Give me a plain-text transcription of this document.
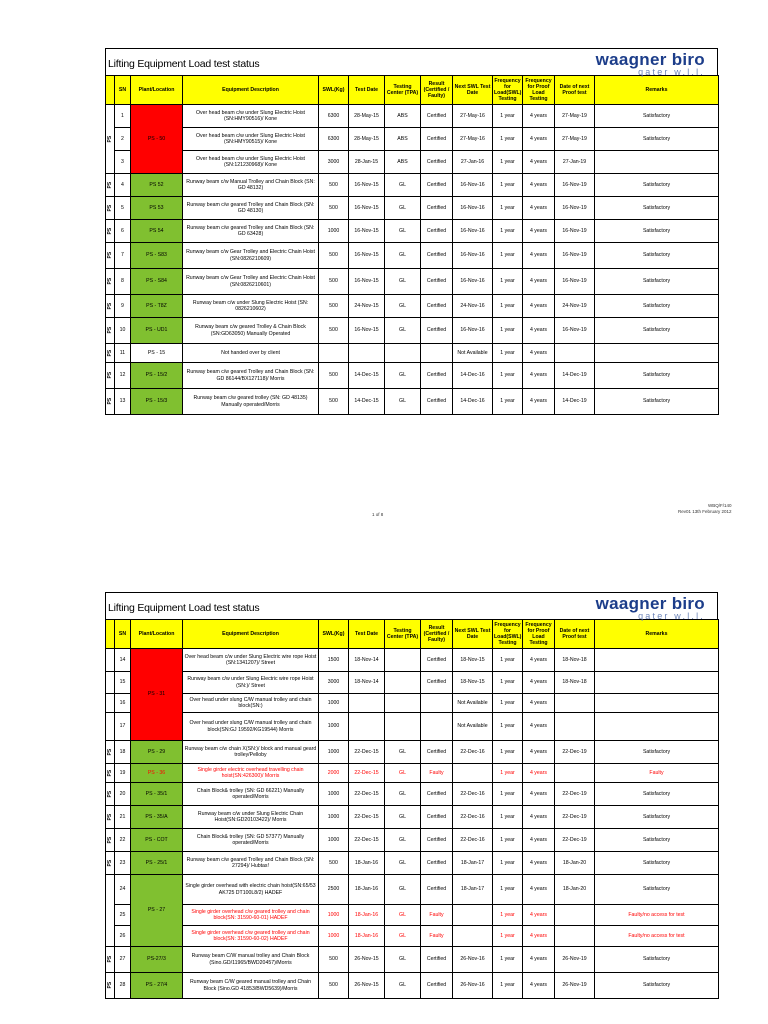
Lifting Equipment Load test status	waagner biro
qater w.l.l.
	SN	Plant/Location	Equipment Description	SWL(Kg)	Test Date	Testing Center (TPA)	Result (Certified / Faulty)	Next SWL Test Date	Frequency for Load(SWL) Testing	Frequency for Proof Load Testing	Date of next Proof test	Remarks
PS	1	PS - 50	Over head beam c/w under Slung Electric Hoist (SN:HMY90516)/ Kone	6300	28-May-15	ABS	Certified	27-May-16	1 year	4 years	27-May-19	Satisfactory
	2		Over head beam c/w under Slung Electric Hoist (SN:HMY90515)/ Kone	6300	28-May-15	ABS	Certified	27-May-16	1 year	4 years	27-May-19	Satisfactory
	3		Over head beam c/w under Slung Electric Hoist (SN:121230968)/ Kone	3000	28-Jan-15	ABS	Certified	27-Jan-16	1 year	4 years	27-Jan-19	
PS	4	PS 52	Runway beam c/w Manual Trolley and Chain Block (SN: GD 48132)	500	16-Nov-15	GL	Certified	16-Nov-16	1 year	4 years	16-Nov-19	Satisfactory
PS	5	PS 53	Runway beam c/w geared Trolley and Chain Block (SN: GD 48130)	500	16-Nov-15	GL	Certified	16-Nov-16	1 year	4 years	16-Nov-19	Satisfactory
PS	6	PS 54	Runway beam c/w geared Trolley and Chain Block (SN: GD 63428)	1000	16-Nov-15	GL	Certified	16-Nov-16	1 year	4 years	16-Nov-19	Satisfactory
PS	7	PS - S83	Runway beam c/w Gear Trolley and Electric Chain Hoist (SN:0826210609)	500	16-Nov-15	GL	Certified	16-Nov-16	1 year	4 years	16-Nov-19	Satisfactory
PS	8	PS - S84	Runway beam c/w Gear Trolley and Electric Chain Hoist (SN:0826210601)	500	16-Nov-15	GL	Certified	16-Nov-16	1 year	4 years	16-Nov-19	Satisfactory
PS	9	PS - T8Z	Runway beam c/w under Slung Electric Hoist (SN: 0826210602)	500	24-Nov-15	GL	Certified	24-Nov-16	1 year	4 years	24-Nov-19	Satisfactory
PS	10	PS - UD1	Runway beam c/w geared Trolley & Chain Block (SN:GD63050) Manually Operated	500	16-Nov-15	GL	Certified	16-Nov-16	1 year	4 years	16-Nov-19	Satisfactory
PS	11	PS - 15	Not handed over by client					Not Available	1 year	4 years		
PS	12	PS - 15/2	Runway beam c/w geared Trolley and Chain Block (SN: GD 86144/BX127118)/ Morris	500	14-Dec-15	GL	Certified	14-Dec-16	1 year	4 years	14-Dec-19	Satisfactory
PS	13	PS - 15/3	Runway beam c/w geared trolley (SN: GD 48135) Manually operated/Morris	500	14-Dec-15	GL	Certified	14-Dec-16	1 year	4 years	14-Dec-19	Satisfactory
1 of 8
WBQ/F/140
Rev01 13th February 2012
Lifting Equipment Load test status	waagner biro
qater w.l.l.
	SN	Plant/Location	Equipment Description	SWL(Kg)	Test Date	Testing Center (TPA)	Result (Certified / Faulty)	Next SWL Test Date	Frequency for Load(SWL) Testing	Frequency for Proof Load Testing	Date of next Proof test	Remarks
	14	PS - 31	Over head beam c/w under Slung Electric wire rope Hoist (SN:1341207)/ Street	1500	18-Nov-14		Certified	18-Nov-15	1 year	4 years	18-Nov-18	
	15		Runway beam c/w under Slung Electric wire rope Hoist (SN:)/ Street	3000	18-Nov-14		Certified	18-Nov-15	1 year	4 years	18-Nov-18	
	16		Over head under slung C/W manual trolley and chain block(SN:)	1000				Not Available	1 year	4 years		
	17		Over head under slung C/W manual trolley and chain block(SN:GJ 19592/KG19544) Morris	1000				Not Available	1 year	4 years		
PS	18	PS - 29	Runway beam c/w chain X(SN:)/ block and manual geard trolley/Pelloby	1000	22-Dec-15	GL	Certified	22-Dec-16	1 year	4 years	22-Dec-19	Satisfactory
PS	19	PS - 36	Single girder electric overhead travelling chain hoist(SN:426300)/ Morris	2000	22-Dec-15	GL	Faulty		1 year	4 years		Faulty
PS	20	PS - 35/1	Chain Block& trolley (SN: GD 66221) Manually operated/Morris	1000	22-Dec-15	GL	Certified	22-Dec-16	1 year	4 years	22-Dec-19	Satisfactory
PS	21	PS - 35/A	Runway beam c/w under Slung Electric Chain Hoist(SN:GD20103422)/ Morris	1000	22-Dec-15	GL	Certified	22-Dec-16	1 year	4 years	22-Dec-19	Satisfactory
PS	22	PS - COT	Chain Block& trolley (SN: GD 57377) Manually operated/Morris	1000	22-Dec-15	GL	Certified	22-Dec-16	1 year	4 years	22-Dec-19	Satisfactory
PS	23	PS - 25/1	Runway beam c/w geared Trolley and Chain Block (SN: 27294)/ Hubtas!	500	18-Jan-16	GL	Certified	18-Jan-17	1 year	4 years	18-Jan-20	Satisfactory
	24	PS - 27	Single girder overhead with electric chain hoist(SN:65/53 AK725 DT100L8/2) HADEF	2500	18-Jan-16	GL	Certified	18-Jan-17	1 year	4 years	18-Jan-20	Satisfactory
	25		Single girder overhead c/w geared trolley and chain block(SN: 31590-60-01) HADEF	1000	18-Jan-16	GL	Faulty		1 year	4 years		Faulty/no access for test
	26		Single girder overhead c/w geared trolley and chain block(SN: 31590-60-02) HADEF	1000	18-Jan-16	GL	Faulty		1 year	4 years		Faulty/no access for test
PS	27	PS-27/3	Runway beam C/W manual trolley and Chain Block (Sino.GD/11965/BWD20457)/Morris	500	26-Nov-15	GL	Certified	26-Nov-16	1 year	4 years	26-Nov-19	Satisfactory
PS	28	PS - 27/4	Runway beam C/W geared manual trolley and Chain Block (Sino.GD 41853/BWD5639)/Morris	500	26-Nov-15	GL	Certified	26-Nov-16	1 year	4 years	26-Nov-19	Satisfactory
